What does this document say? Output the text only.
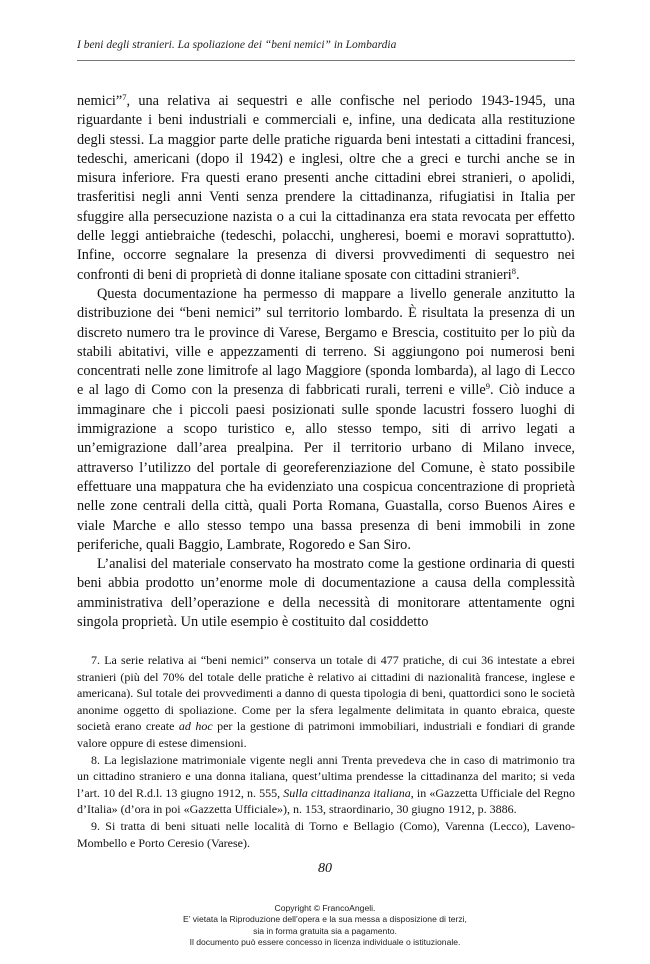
I beni degli stranieri. La spoliazione dei “beni nemici” in Lombardia

nemici”$^7$, una relativa ai sequestri e alle confische nel periodo 1943-1945, una riguardante i beni industriali e commerciali e, infine, una dedicata alla restituzione degli stessi. La maggior parte delle pratiche riguarda beni intestati a cittadini francesi, tedeschi, americani (dopo il 1942) e inglesi, oltre che a greci e turchi anche se in misura inferiore. Fra questi erano presenti anche cittadini ebrei stranieri, o apolidi, trasferitisi negli anni Venti senza prendere la cittadinanza, rifugiatisi in Italia per sfuggire alla persecuzione nazista o a cui la cittadinanza era stata revocata per effetto delle leggi antiebraiche (tedeschi, polacchi, ungheresi, boemi e moravi soprattutto). Infine, occorre segnalare la presenza di diversi provvedimenti di sequestro nei confronti di beni di proprietà di donne italiane sposate con cittadini stranieri$^8$.

Questa documentazione ha permesso di mappare a livello generale anzitutto la distribuzione dei “beni nemici” sul territorio lombardo. È risultata la presenza di un discreto numero tra le province di Varese, Bergamo e Brescia, costituito per lo più da stabili abitativi, ville e appezzamenti di terreno. Si aggiungono poi numerosi beni concentrati nelle zone limitrofe al lago Maggiore (sponda lombarda), al lago di Lecco e al lago di Como con la presenza di fabbricati rurali, terreni e ville$^9$. Ciò induce a immaginare che i piccoli paesi posizionati sulle sponde lacustri fossero luoghi di immigrazione a scopo turistico e, allo stesso tempo, siti di arrivo legati a un’emigrazione dall’area prealpina. Per il territorio urbano di Milano invece, attraverso l’utilizzo del portale di georeferenziazione del Comune, è stato possibile effettuare una mappatura che ha evidenziato una cospicua concentrazione di proprietà nelle zone centrali della città, quali Porta Romana, Guastalla, corso Buenos Aires e viale Marche e allo stesso tempo una bassa presenza di beni immobili in zone periferiche, quali Baggio, Lambrate, Rogoredo e San Siro.

L’analisi del materiale conservato ha mostrato come la gestione ordinaria di questi beni abbia prodotto un’enorme mole di documentazione a causa della complessità amministrativa dell’operazione e della necessità di monitorare attentamente ogni singola proprietà. Un utile esempio è costituito dal cosiddetto

7. La serie relativa ai “beni nemici” conserva un totale di 477 pratiche, di cui 36 intestate a ebrei stranieri (più del 70% del totale delle pratiche è relativo ai cittadini di nazionalità francese, inglese e americana). Sul totale dei provvedimenti a danno di questa tipologia di beni, quattordici sono le società anonime oggetto di spoliazione. Come per la sfera legalmente delimitata in quanto ebraica, queste società erano create ad hoc per la gestione di patrimoni immobiliari, industriali e fondiari di grande valore oppure di estese dimensioni.

8. La legislazione matrimoniale vigente negli anni Trenta prevedeva che in caso di matrimonio tra un cittadino straniero e una donna italiana, quest’ultima prendesse la cittadinanza del marito; si veda l’art. 10 del R.d.l. 13 giugno 1912, n. 555, Sulla cittadinanza italiana, in «Gazzetta Ufficiale del Regno d’Italia» (d’ora in poi «Gazzetta Ufficiale»), n. 153, straordinario, 30 giugno 1912, p. 3886.

9. Si tratta di beni situati nelle località di Torno e Bellagio (Como), Varenna (Lecco), Laveno-Mombello e Porto Ceresio (Varese).

80
Copyright © FrancoAngeli.
E’ vietata la Riproduzione dell’opera e la sua messa a disposizione di terzi,
sia in forma gratuita sia a pagamento.
Il documento può essere concesso in licenza individuale o istituzionale.
